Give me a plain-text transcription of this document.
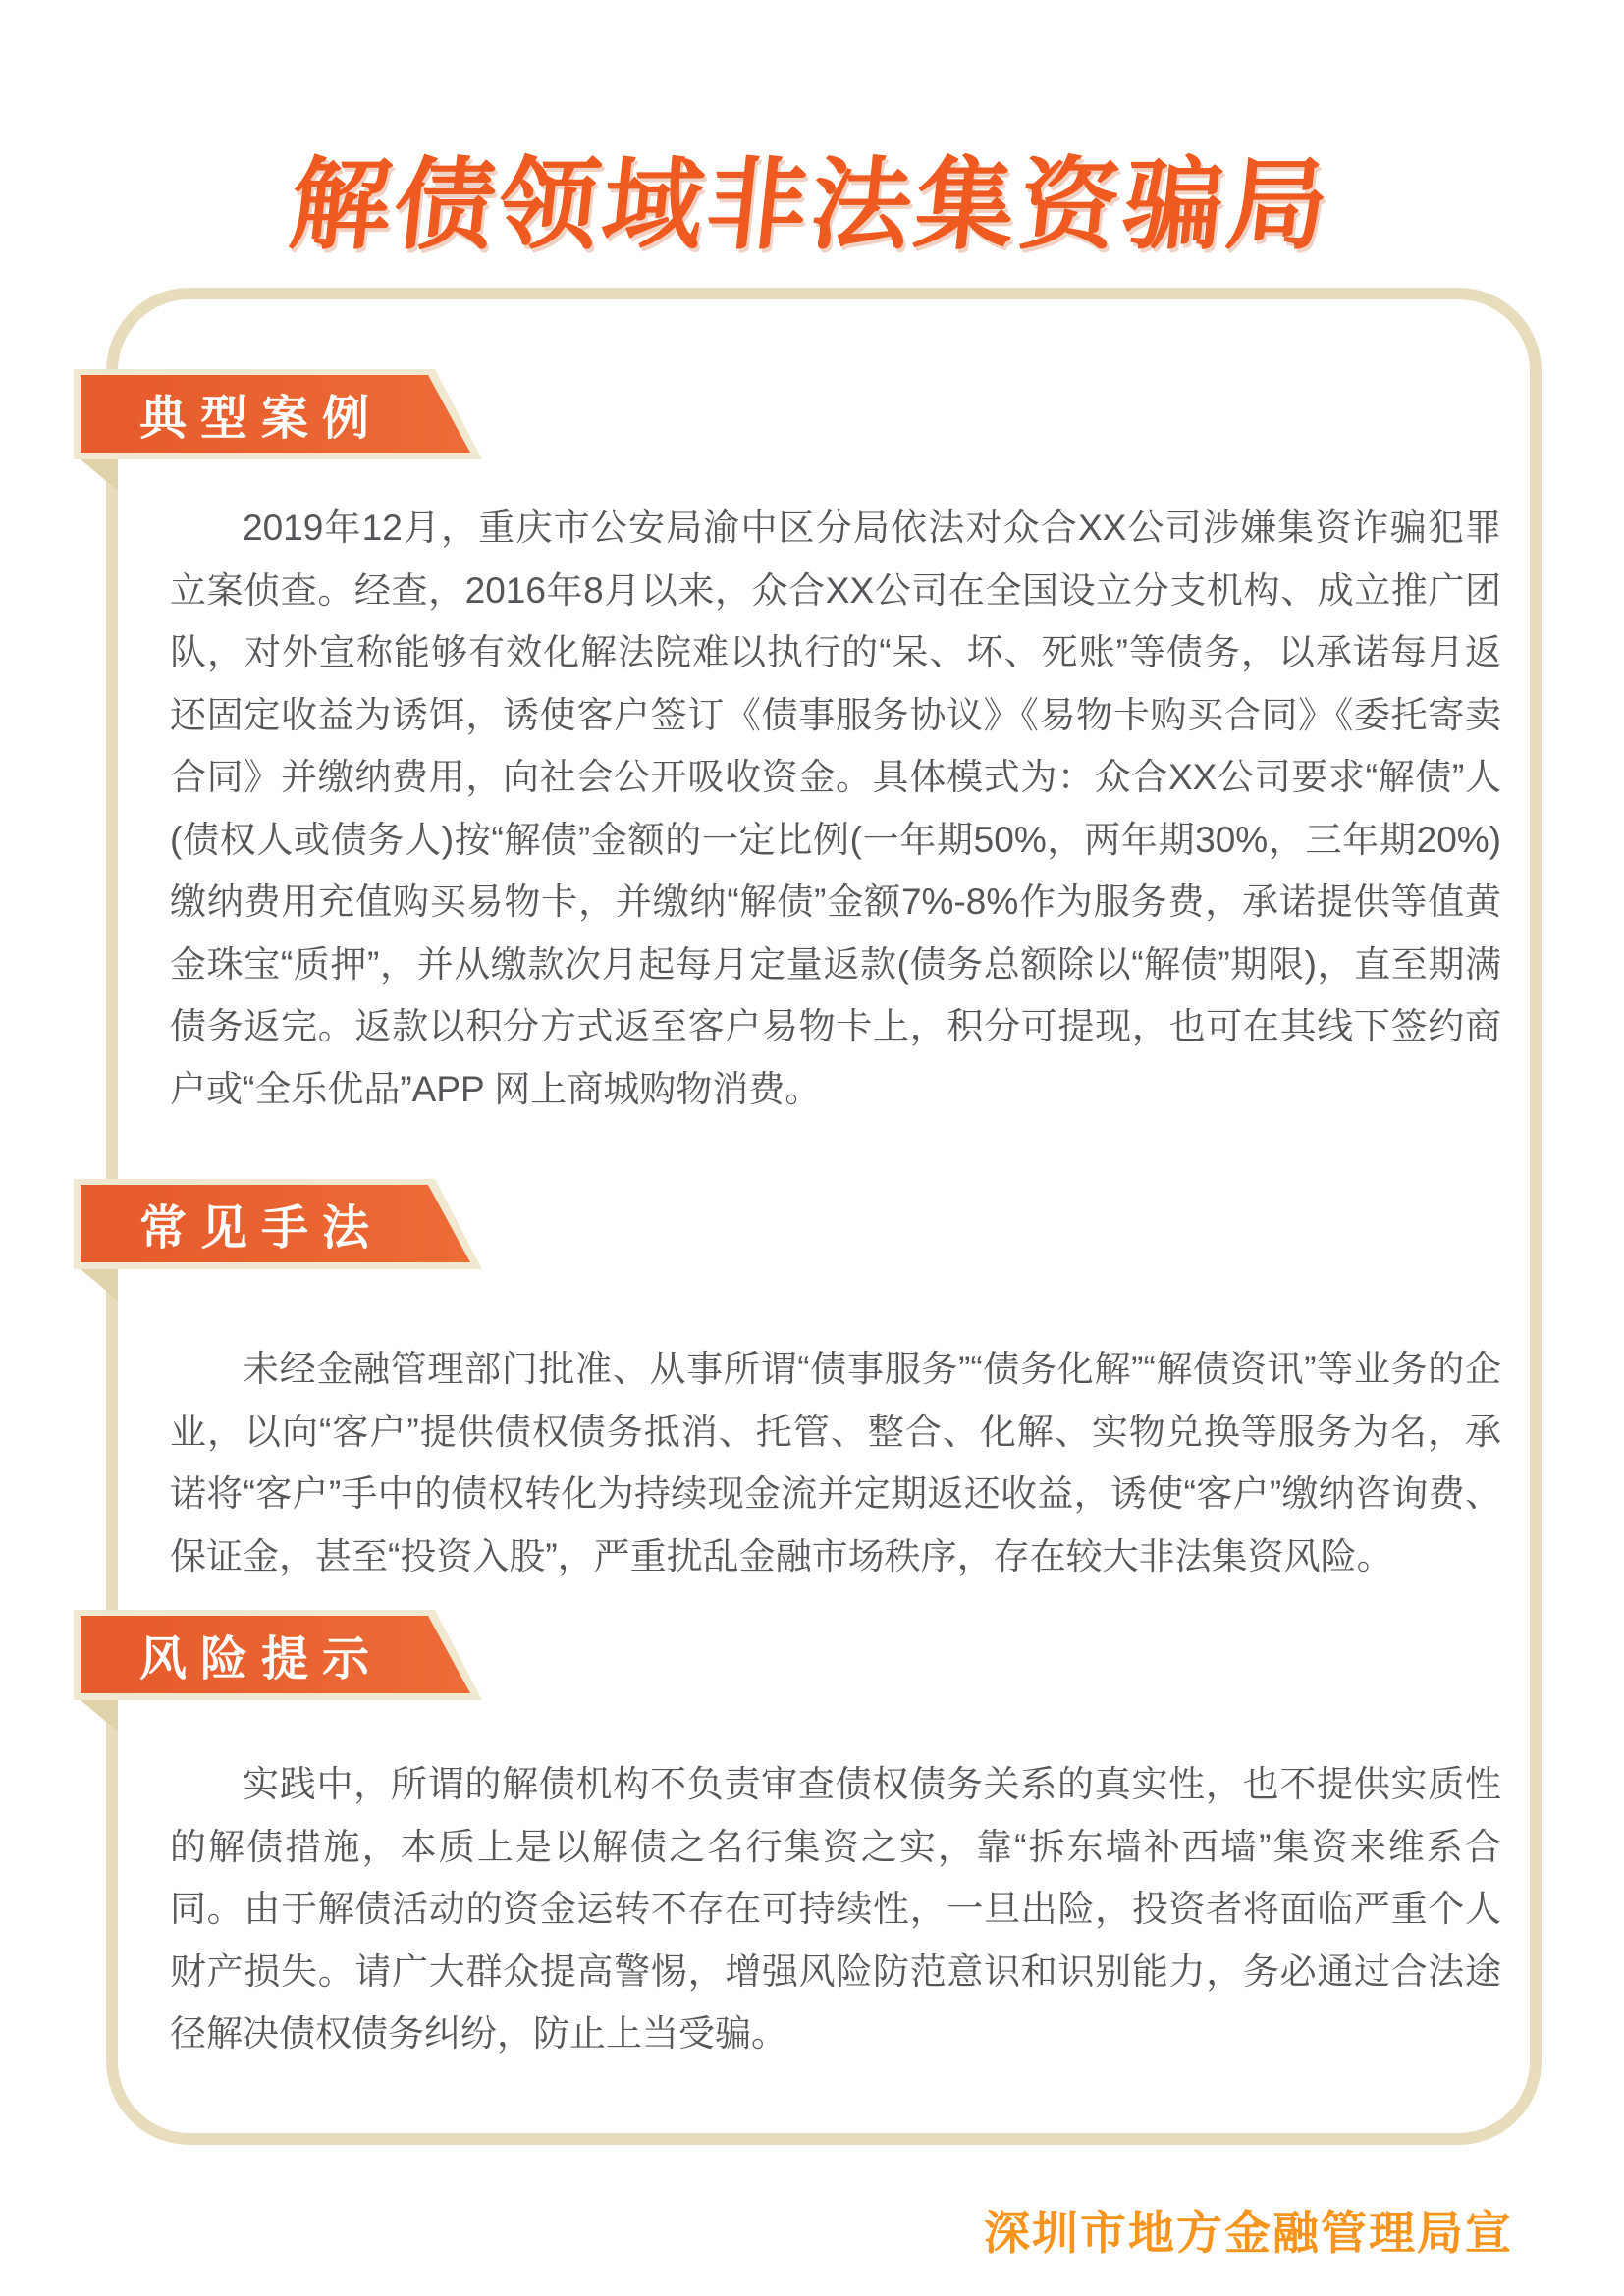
解债领域非法集资骗局
典型案例

2019年12月，重庆市公安局渝中区分局依法对众合XX公司涉嫌集资诈骗犯罪立案侦查。经查，2016年8月以来，众合XX公司在全国设立分支机构、成立推广团队，对外宣称能够有效化解法院难以执行的“呆、坏、死账”等债务，以承诺每月返还固定收益为诱饵，诱使客户签订《债事服务协议》《易物卡购买合同》《委托寄卖合同》并缴纳费用，向社会公开吸收资金。具体模式为：众合XX公司要求“解债”人(债权人或债务人)按“解债”金额的一定比例(一年期50%，两年期30%，三年期20%)缴纳费用充值购买易物卡，并缴纳“解债”金额7%-8%作为服务费，承诺提供等值黄金珠宝“质押”，并从缴款次月起每月定量返款(债务总额除以“解债”期限)，直至期满债务返完。返款以积分方式返至客户易物卡上，积分可提现，也可在其线下签约商户或“全乐优品”APP 网上商城购物消费。

常见手法

未经金融管理部门批准、从事所谓“债事服务”“债务化解”“解债资讯”等业务的企业，以向“客户”提供债权债务抵消、托管、整合、化解、实物兑换等服务为名，承诺将“客户”手中的债权转化为持续现金流并定期返还收益，诱使“客户”缴纳咨询费、保证金，甚至“投资入股”，严重扰乱金融市场秩序，存在较大非法集资风险。

风险提示

实践中，所谓的解债机构不负责审查债权债务关系的真实性，也不提供实质性的解债措施，本质上是以解债之名行集资之实，靠“拆东墙补西墙”集资来维系合同。由于解债活动的资金运转不存在可持续性，一旦出险，投资者将面临严重个人财产损失。请广大群众提高警惕，增强风险防范意识和识别能力，务必通过合法途径解决债权债务纠纷，防止上当受骗。

深圳市地方金融管理局宣
